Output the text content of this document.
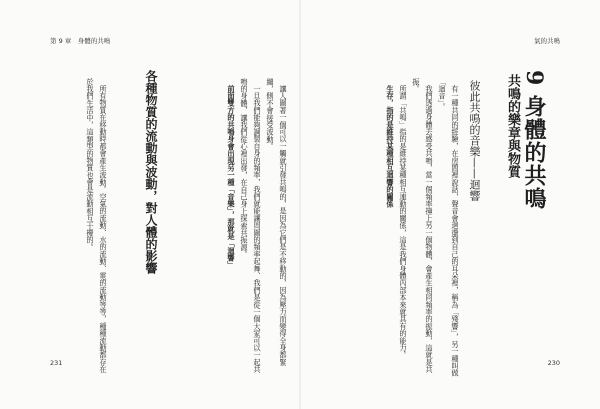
第 9 章　身體的共鳴
231	讓人圍著一個可以一觸就引發共鳴的，是因為它們是不移動的，因為壓力而變得全身都緊繃，側不會接受波動。

一旦我們能夠調製自身的頻率，我們就能讓周圍的頻率起舞、我們是從一個大家可以一起共鳴的身體，讓我們從心裡出發，在自己身上探索共振源。

前面雙方的共鳴身會出現另一種「音樂」，那就是「迴響」

各種物質的流動與波動，對人體的影響

所有物質在移動時都會產生波動。空氣的流動、水的流動、電的流動等等，種種流動都存在於我們生活中，這類型的物質也會是流動相互干擾的。

氣的共鳴
230
9 身體的共鳴
共鳴的樂章與物質
彼此共鳴的音樂——迴響

有一種共同的經驗，在房間裡說話，聲音會迴盪到自己的耳朵裡，稱為「殘響」，另一種叫做「迴音」。

我們透過身體去感受共鳴，當一個頻率撞上另一個物體，會產生相同頻率的振動，這就是共振。

所謂「共鳴」指的是維持某種相互連動的關係，這是我們身體內部本來就具有的能力。

生存，指的是維持某種相互迴響的關係
